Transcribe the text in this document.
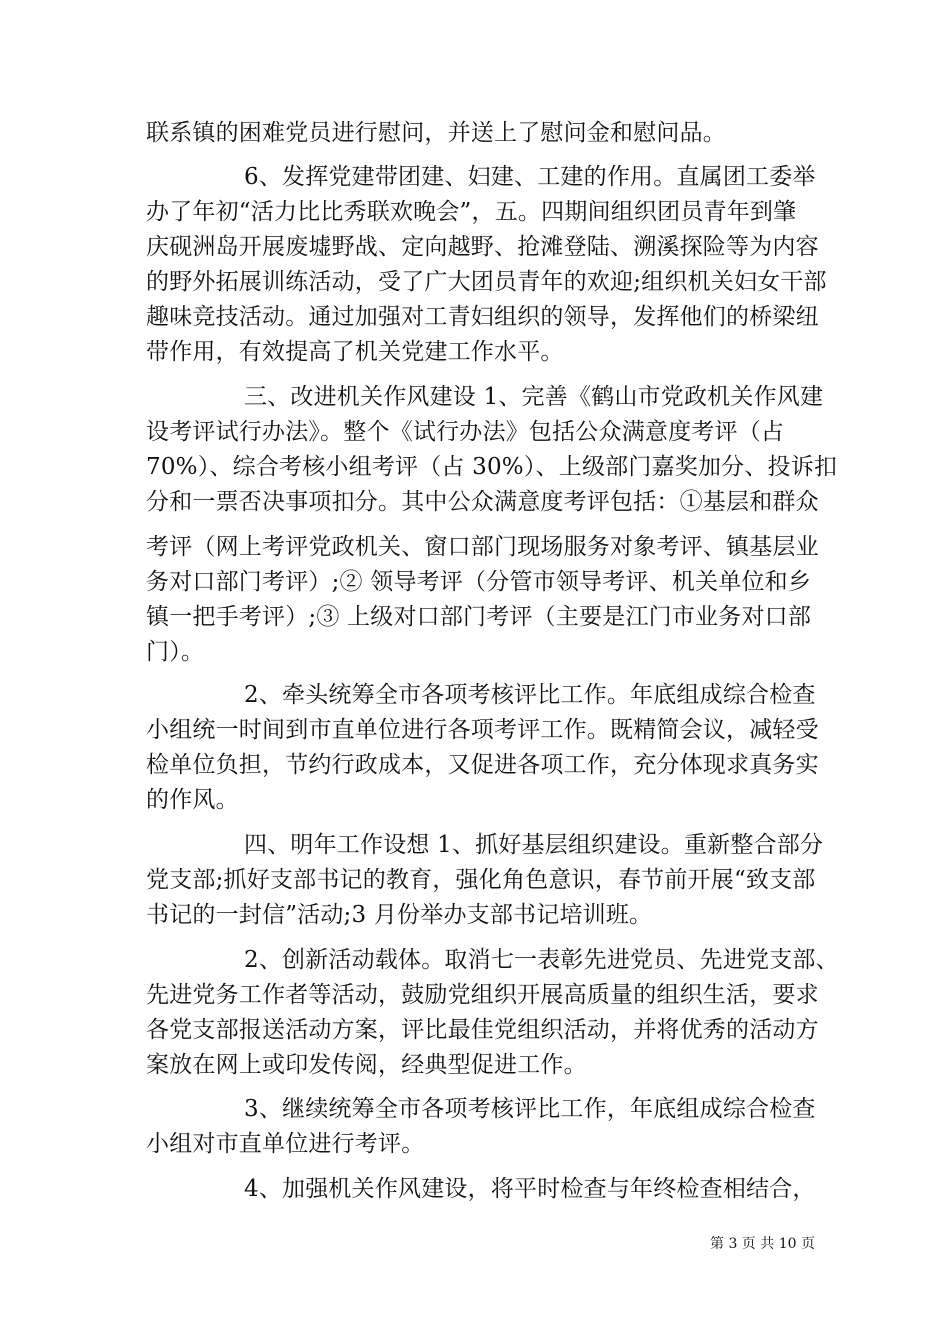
联系镇的困难党员进行慰问，并送上了慰问金和慰问品。
6、发挥党建带团建、妇建、工建的作用。直属团工委举
办了年初“活力比比秀联欢晚会”，五。四期间组织团员青年到肇
庆砚洲岛开展废墟野战、定向越野、抢滩登陆、溯溪探险等为内容
的野外拓展训练活动，受了广大团员青年的欢迎;组织机关妇女干部
趣味竞技活动。通过加强对工青妇组织的领导，发挥他们的桥梁纽
带作用，有效提高了机关党建工作水平。
三、改进机关作风建设 1、完善《鹤山市党政机关作风建
设考评试行办法》。整个《试行办法》包括公众满意度考评（占
70%）、综合考核小组考评（占 30%）、上级部门嘉奖加分、投诉扣
分和一票否决事项扣分。其中公众满意度考评包括：①基层和群众
考评（网上考评党政机关、窗口部门现场服务对象考评、镇基层业
务对口部门考评）;② 领导考评（分管市领导考评、机关单位和乡
镇一把手考评）;③ 上级对口部门考评（主要是江门市业务对口部
门）。
2、牵头统筹全市各项考核评比工作。年底组成综合检查
小组统一时间到市直单位进行各项考评工作。既精简会议，减轻受
检单位负担，节约行政成本，又促进各项工作，充分体现求真务实
的作风。
四、明年工作设想 1、抓好基层组织建设。重新整合部分
党支部;抓好支部书记的教育，强化角色意识，春节前开展“致支部
书记的一封信”活动;3 月份举办支部书记培训班。
2、创新活动载体。取消七一表彰先进党员、先进党支部、
先进党务工作者等活动，鼓励党组织开展高质量的组织生活，要求
各党支部报送活动方案，评比最佳党组织活动，并将优秀的活动方
案放在网上或印发传阅，经典型促进工作。
3、继续统筹全市各项考核评比工作，年底组成综合检查
小组对市直单位进行考评。
4、加强机关作风建设，将平时检查与年终检查相结合，
第 3 页 共 10 页
